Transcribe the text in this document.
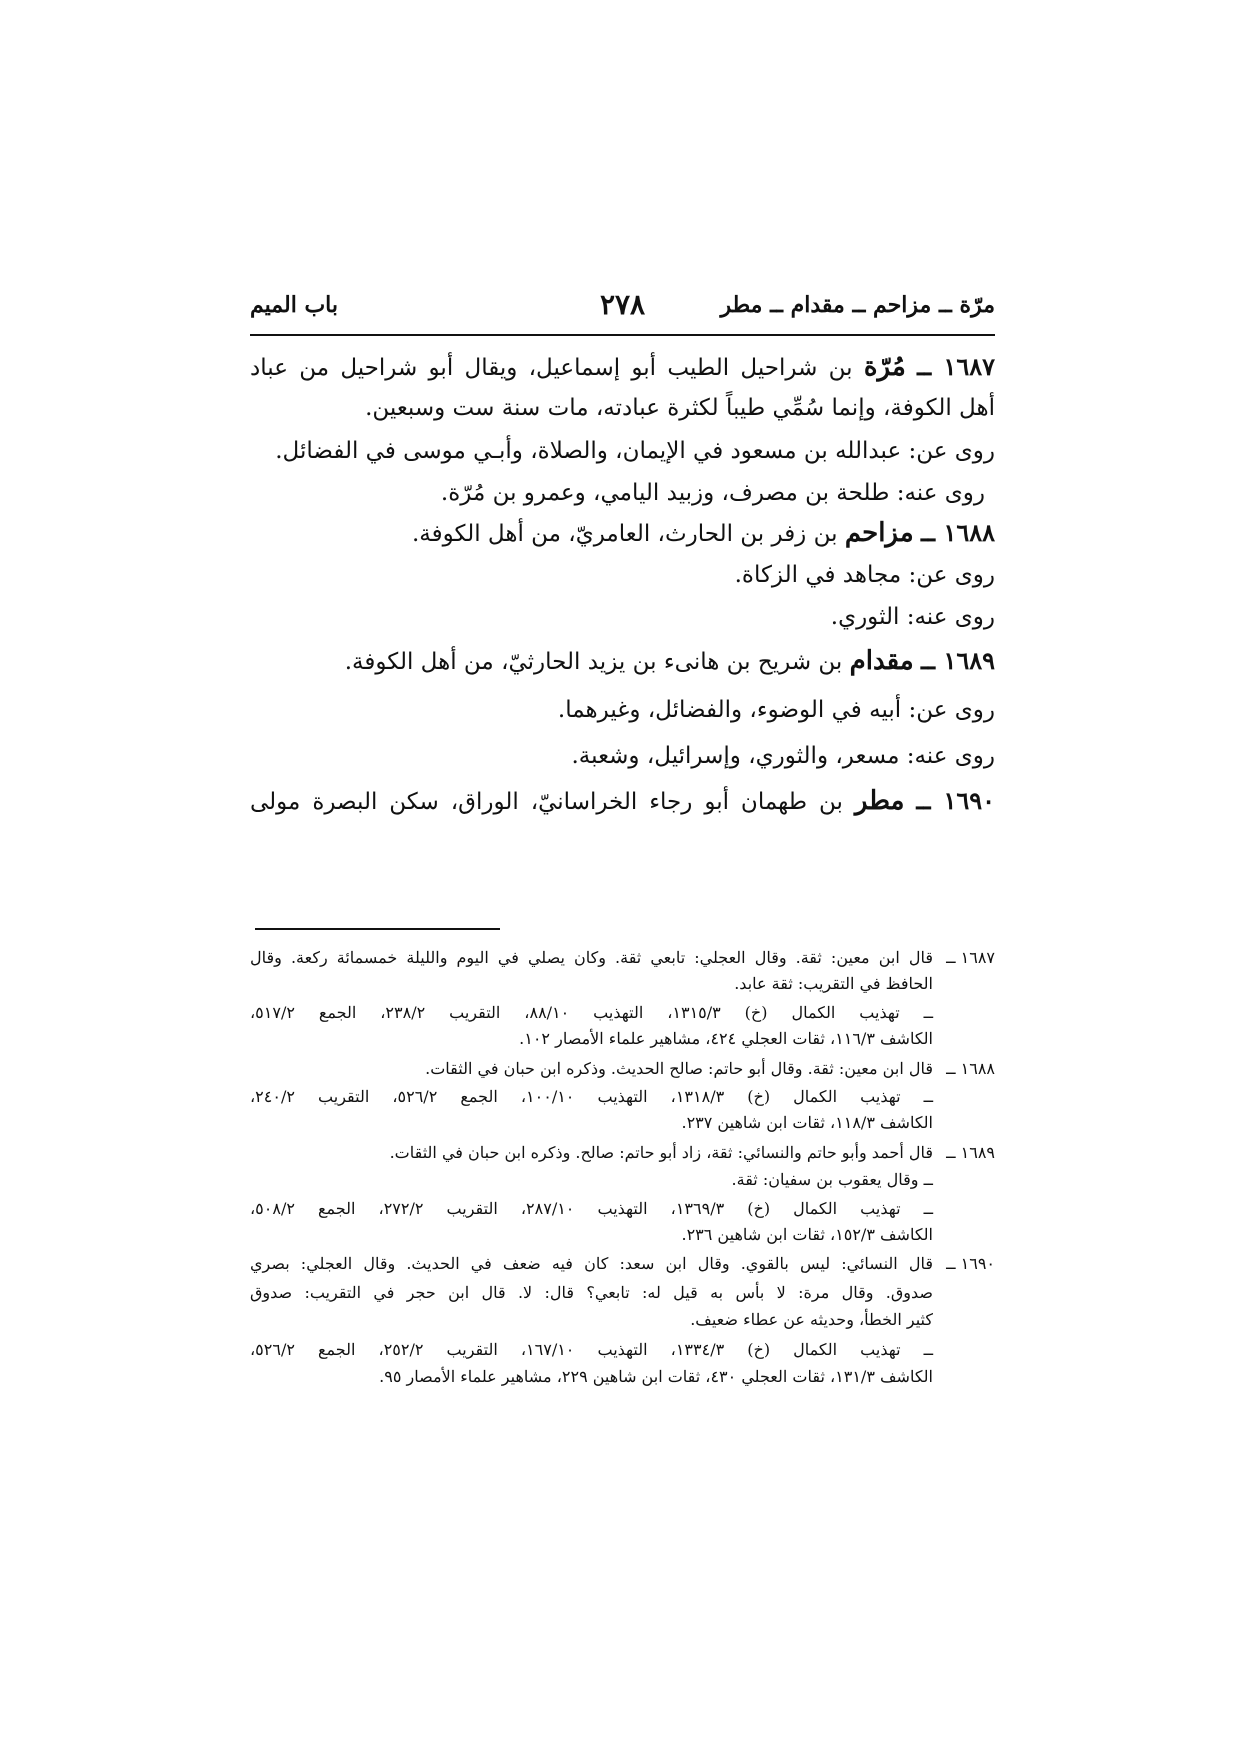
مرّة ــ مزاحم ــ مقدام ــ مطر
٢٧٨
باب الميم
١٦٨٧ ــ مُرّة بن شراحيل الطيب أبو إسماعيل، ويقال أبو شراحيل من عباد
أهل الكوفة، وإنما سُمِّي طيباً لكثرة عبادته، مات سنة ست وسبعين.
روى عن: عبدالله بن مسعود في الإيمان، والصلاة، وأبـي موسى في الفضائل.
روى عنه: طلحة بن مصرف، وزبيد اليامي، وعمرو بن مُرّة.
١٦٨٨ ــ مزاحم بن زفر بن الحارث، العامريّ، من أهل الكوفة.
روى عن: مجاهد في الزكاة.
روى عنه: الثوري.
١٦٨٩ ــ مقدام بن شريح بن هانىء بن يزيد الحارثيّ، من أهل الكوفة.
روى عن: أبيه في الوضوء، والفضائل، وغيرهما.
روى عنه: مسعر، والثوري، وإسرائيل، وشعبة.
١٦٩٠ ــ مطر بن طهمان أبو رجاء الخراسانيّ، الوراق، سكن البصرة مولى
١٦٨٧ ــ
قال ابن معين: ثقة. وقال العجلي: تابعي ثقة. وكان يصلي في اليوم والليلة خمسمائة ركعة. وقال
الحافظ في التقريب: ثقة عابد.
ــ تهذيب الكمال (خ) ١٣١٥/٣، التهذيب ٨٨/١٠، التقريب ٢٣٨/٢، الجمع ٥١٧/٢،
الكاشف ١١٦/٣، ثقات العجلي ٤٢٤، مشاهير علماء الأمصار ١٠٢.
١٦٨٨ ــ
قال ابن معين: ثقة. وقال أبو حاتم: صالح الحديث. وذكره ابن حبان في الثقات.
ــ تهذيب الكمال (خ) ١٣١٨/٣، التهذيب ١٠٠/١٠، الجمع ٥٢٦/٢، التقريب ٢٤٠/٢،
الكاشف ١١٨/٣، ثقات ابن شاهين ٢٣٧.
١٦٨٩ ــ
قال أحمد وأبو حاتم والنسائي: ثقة، زاد أبو حاتم: صالح. وذكره ابن حبان في الثقات.
ــ وقال يعقوب بن سفيان: ثقة.
ــ تهذيب الكمال (خ) ١٣٦٩/٣، التهذيب ٢٨٧/١٠، التقريب ٢٧٢/٢، الجمع ٥٠٨/٢،
الكاشف ١٥٢/٣، ثقات ابن شاهين ٢٣٦.
١٦٩٠ ــ
قال النسائي: ليس بالقوي. وقال ابن سعد: كان فيه ضعف في الحديث. وقال العجلي: بصري
صدوق. وقال مرة: لا بأس به قيل له: تابعي؟ قال: لا. قال ابن حجر في التقريب: صدوق
كثير الخطأ، وحديثه عن عطاء ضعيف.
ــ تهذيب الكمال (خ) ١٣٣٤/٣، التهذيب ١٦٧/١٠، التقريب ٢٥٢/٢، الجمع ٥٢٦/٢،
الكاشف ١٣١/٣، ثقات العجلي ٤٣٠، ثقات ابن شاهين ٢٢٩، مشاهير علماء الأمصار ٩٥.
